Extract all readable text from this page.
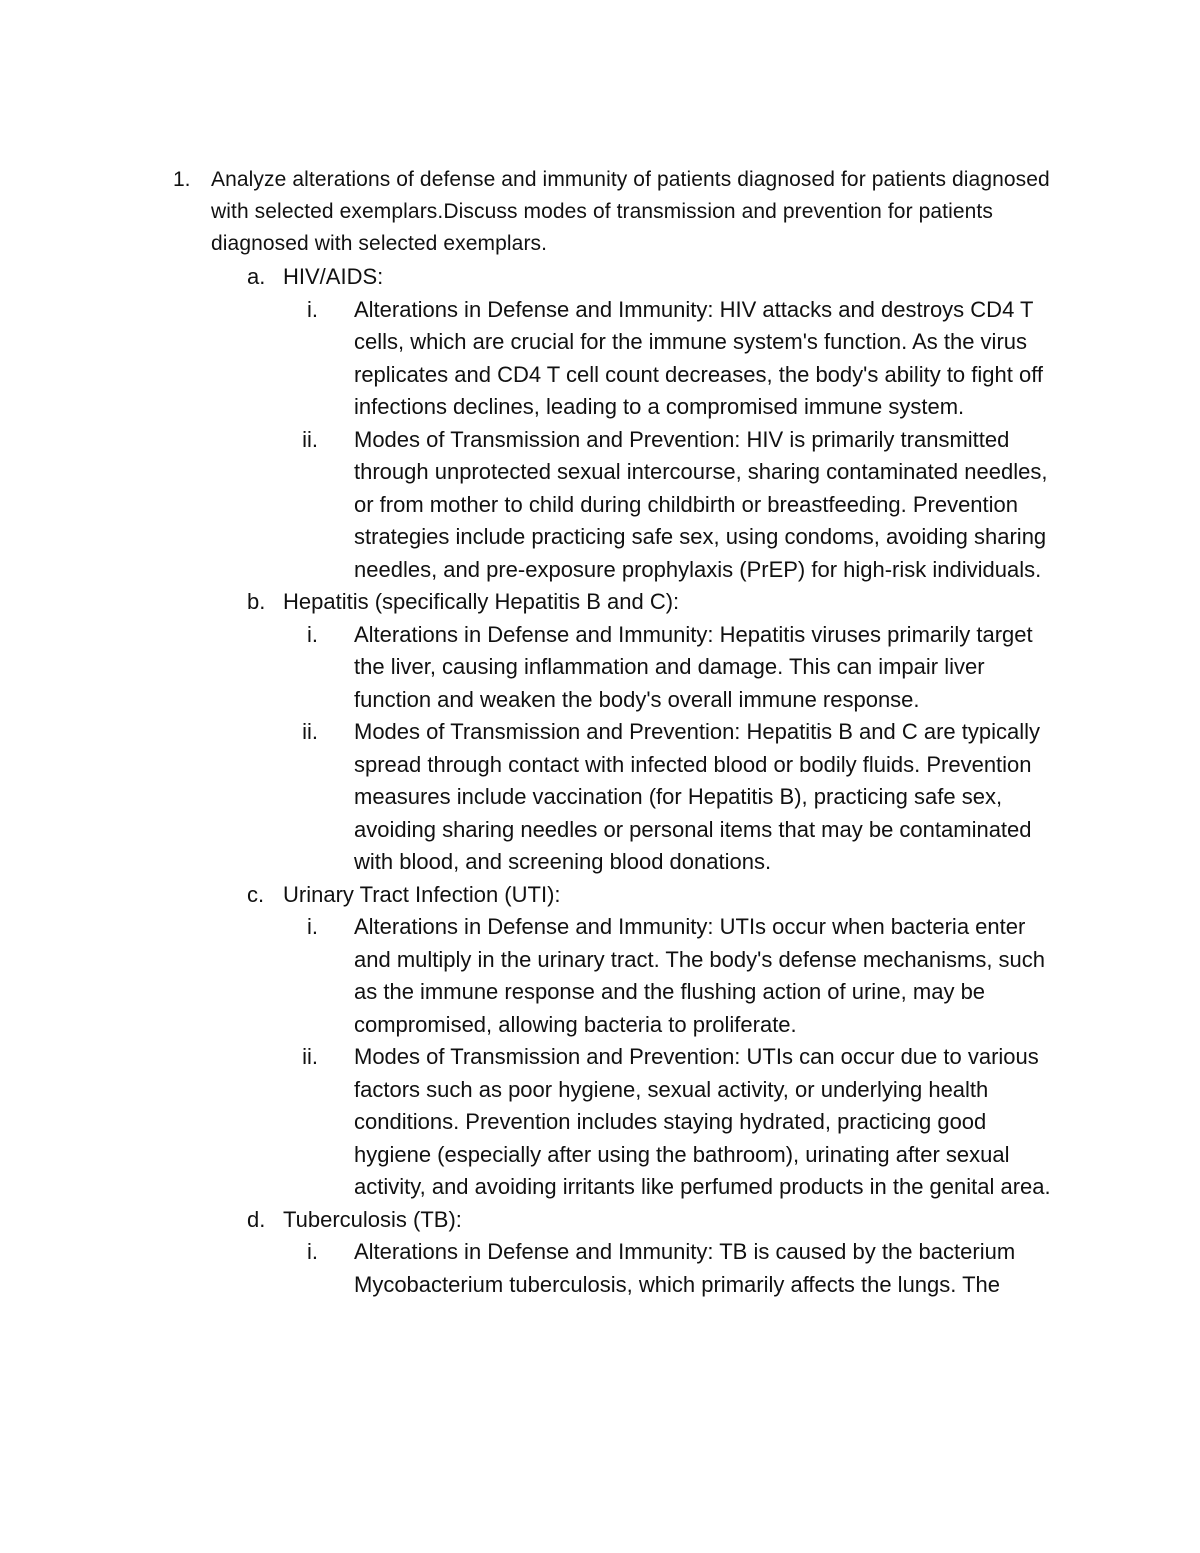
1. Analyze alterations of defense and immunity of patients diagnosed for patients diagnosed with selected exemplars.Discuss modes of transmission and prevention for patients diagnosed with selected exemplars.
a. HIV/AIDS:
i. Alterations in Defense and Immunity: HIV attacks and destroys CD4 T cells, which are crucial for the immune system's function. As the virus replicates and CD4 T cell count decreases, the body's ability to fight off infections declines, leading to a compromised immune system.
ii. Modes of Transmission and Prevention: HIV is primarily transmitted through unprotected sexual intercourse, sharing contaminated needles, or from mother to child during childbirth or breastfeeding. Prevention strategies include practicing safe sex, using condoms, avoiding sharing needles, and pre-exposure prophylaxis (PrEP) for high-risk individuals.
b. Hepatitis (specifically Hepatitis B and C):
i. Alterations in Defense and Immunity: Hepatitis viruses primarily target the liver, causing inflammation and damage. This can impair liver function and weaken the body's overall immune response.
ii. Modes of Transmission and Prevention: Hepatitis B and C are typically spread through contact with infected blood or bodily fluids. Prevention measures include vaccination (for Hepatitis B), practicing safe sex, avoiding sharing needles or personal items that may be contaminated with blood, and screening blood donations.
c. Urinary Tract Infection (UTI):
i. Alterations in Defense and Immunity: UTIs occur when bacteria enter and multiply in the urinary tract. The body's defense mechanisms, such as the immune response and the flushing action of urine, may be compromised, allowing bacteria to proliferate.
ii. Modes of Transmission and Prevention: UTIs can occur due to various factors such as poor hygiene, sexual activity, or underlying health conditions. Prevention includes staying hydrated, practicing good hygiene (especially after using the bathroom), urinating after sexual activity, and avoiding irritants like perfumed products in the genital area.
d. Tuberculosis (TB):
i. Alterations in Defense and Immunity: TB is caused by the bacterium Mycobacterium tuberculosis, which primarily affects the lungs. The
